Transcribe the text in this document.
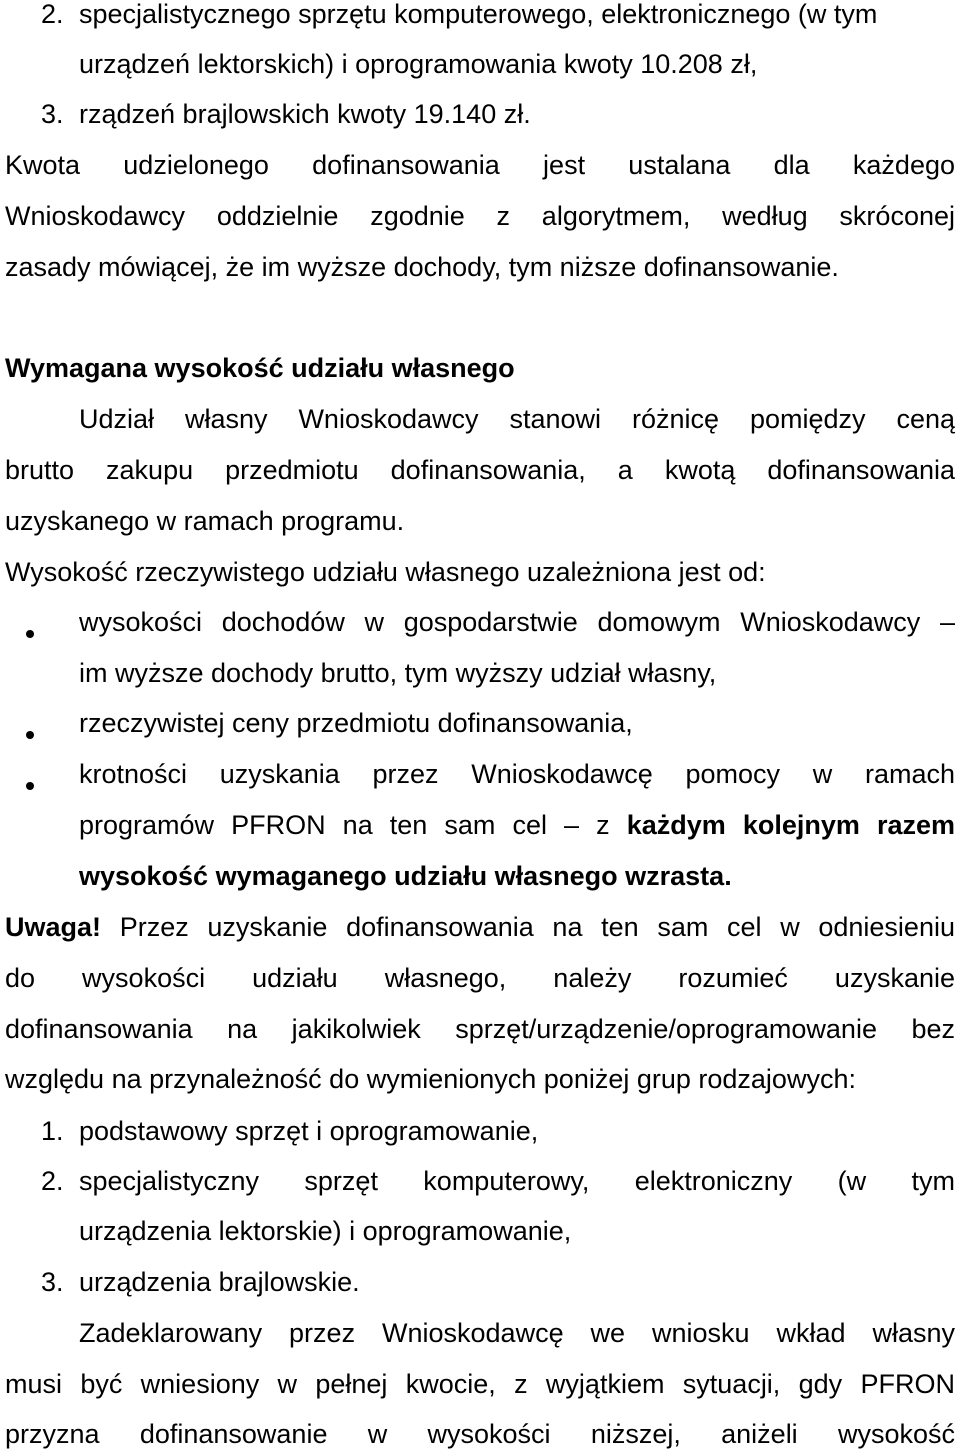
2. specjalistycznego sprzętu komputerowego, elektronicznego (w tym
urządzeń lektorskich) i oprogramowania kwoty 10.208 zł,
3. rządzeń brajlowskich kwoty 19.140 zł.
Kwota udzielonego dofinansowania jest ustalana dla każdego
Wnioskodawcy oddzielnie zgodnie z algorytmem, według skróconej
zasady mówiącej, że im wyższe dochody, tym niższe dofinansowanie.
Wymagana wysokość udziału własnego
Udział własny Wnioskodawcy stanowi różnicę pomiędzy ceną
brutto zakupu przedmiotu dofinansowania, a kwotą dofinansowania
uzyskanego w ramach programu.
Wysokość rzeczywistego udziału własnego uzależniona jest od:
wysokości dochodów w gospodarstwie domowym Wnioskodawcy –
im wyższe dochody brutto, tym wyższy udział własny,
rzeczywistej ceny przedmiotu dofinansowania,
krotności uzyskania przez Wnioskodawcę pomocy w ramach
programów PFRON na ten sam cel – z każdym kolejnym razem
wysokość wymaganego udziału własnego wzrasta.
Uwaga! Przez uzyskanie dofinansowania na ten sam cel w odniesieniu
do wysokości udziału własnego, należy rozumieć uzyskanie
dofinansowania na jakikolwiek sprzęt/urządzenie/oprogramowanie bez
względu na przynależność do wymienionych poniżej grup rodzajowych:
1. podstawowy sprzęt i oprogramowanie,
2. specjalistyczny sprzęt komputerowy, elektroniczny (w tym
urządzenia lektorskie) i oprogramowanie,
3. urządzenia brajlowskie.
Zadeklarowany przez Wnioskodawcę we wniosku wkład własny
musi być wniesiony w pełnej kwocie, z wyjątkiem sytuacji, gdy PFRON
przyzna dofinansowanie w wysokości niższej, aniżeli wysokość
